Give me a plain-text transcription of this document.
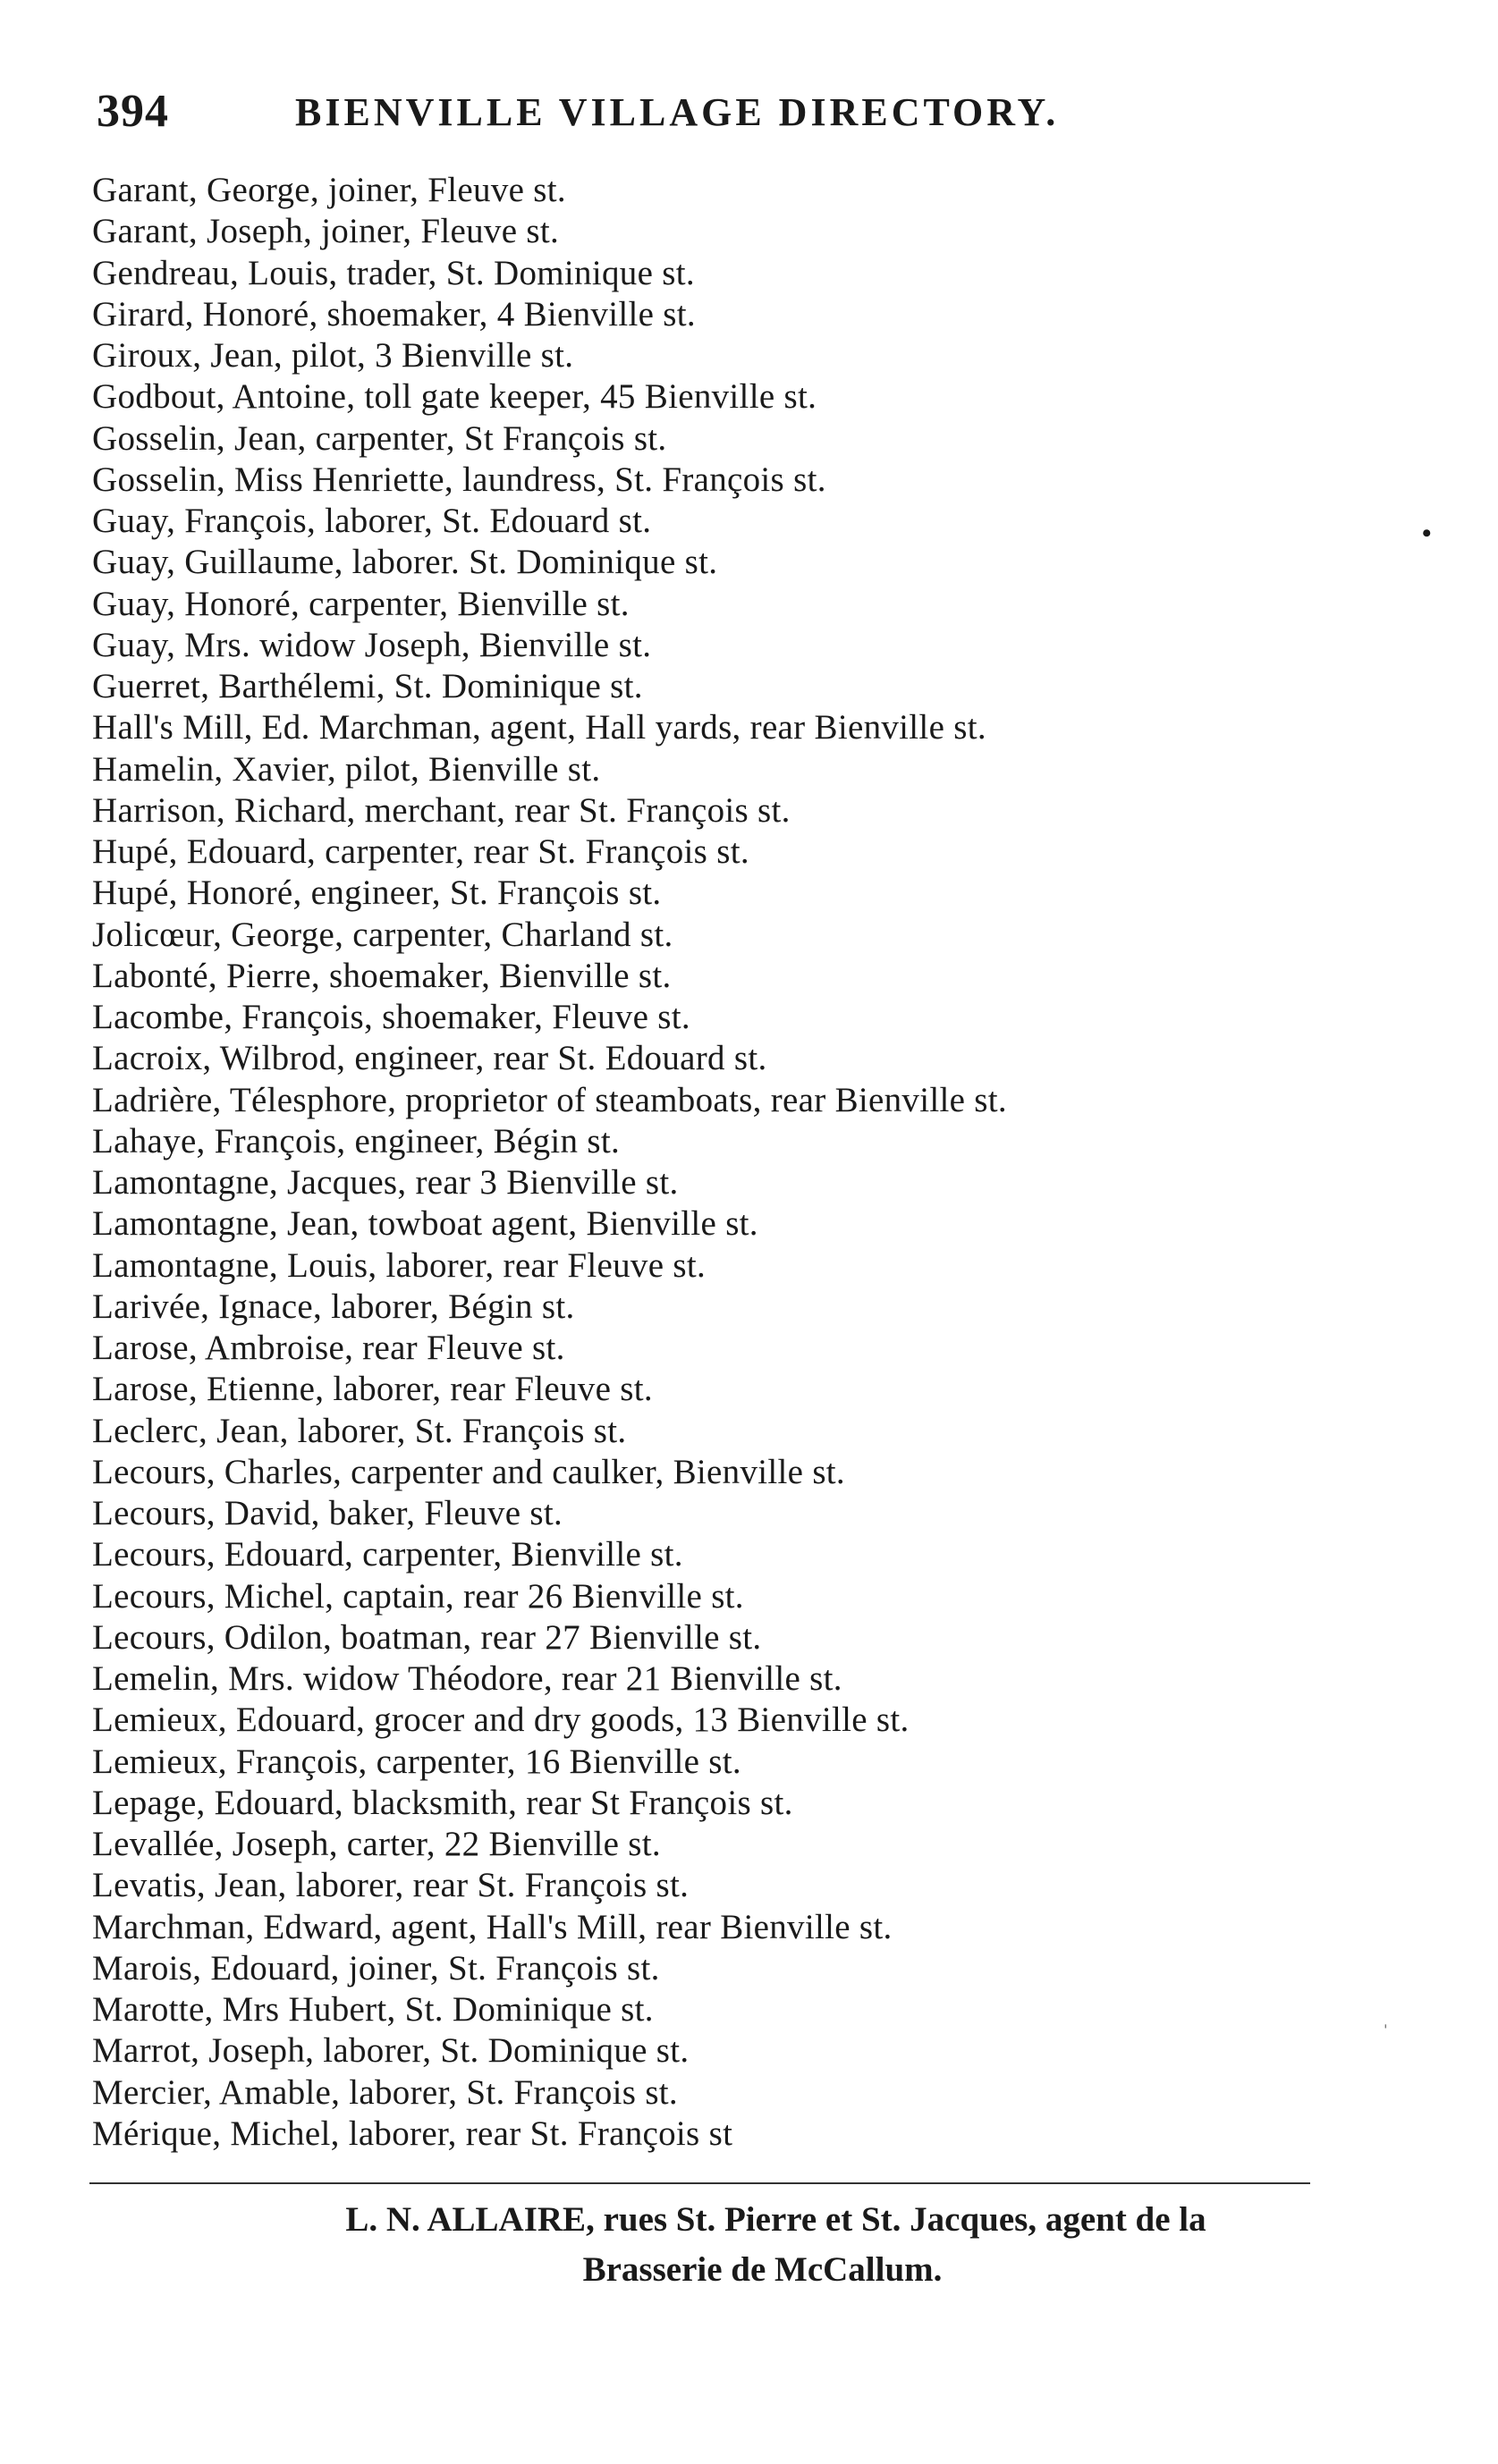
394	BIENVILLE VILLAGE DIRECTORY.
Garant, George, joiner, Fleuve st.
Garant, Joseph, joiner, Fleuve st.
Gendreau, Louis, trader, St. Dominique st.
Girard, Honoré, shoemaker, 4 Bienville st.
Giroux, Jean, pilot, 3 Bienville st.
Godbout, Antoine, toll gate keeper, 45 Bienville st.
Gosselin, Jean, carpenter, St François st.
Gosselin, Miss Henriette, laundress, St. François st.
Guay, François, laborer, St. Edouard st.
Guay, Guillaume, laborer. St. Dominique st.
Guay, Honoré, carpenter, Bienville st.
Guay, Mrs. widow Joseph, Bienville st.
Guerret, Barthélemi, St. Dominique st.
Hall's Mill, Ed. Marchman, agent, Hall yards, rear Bienville st.
Hamelin, Xavier, pilot, Bienville st.
Harrison, Richard, merchant, rear St. François st.
Hupé, Edouard, carpenter, rear St. François st.
Hupé, Honoré, engineer, St. François st.
Jolicœur, George, carpenter, Charland st.
Labonté, Pierre, shoemaker, Bienville st.
Lacombe, François, shoemaker, Fleuve st.
Lacroix, Wilbrod, engineer, rear St. Edouard st.
Ladrière, Télesphore, proprietor of steamboats, rear Bienville st.
Lahaye, François, engineer, Bégin st.
Lamontagne, Jacques, rear 3 Bienville st.
Lamontagne, Jean, towboat agent, Bienville st.
Lamontagne, Louis, laborer, rear Fleuve st.
Larivée, Ignace, laborer, Bégin st.
Larose, Ambroise, rear Fleuve st.
Larose, Etienne, laborer, rear Fleuve st.
Leclerc, Jean, laborer, St. François st.
Lecours, Charles, carpenter and caulker, Bienville st.
Lecours, David, baker, Fleuve st.
Lecours, Edouard, carpenter, Bienville st.
Lecours, Michel, captain, rear 26 Bienville st.
Lecours, Odilon, boatman, rear 27 Bienville st.
Lemelin, Mrs. widow Théodore, rear 21 Bienville st.
Lemieux, Edouard, grocer and dry goods, 13 Bienville st.
Lemieux, François, carpenter, 16 Bienville st.
Lepage, Edouard, blacksmith, rear St François st.
Levallée, Joseph, carter, 22 Bienville st.
Levatis, Jean, laborer, rear St. François st.
Marchman, Edward, agent, Hall's Mill, rear Bienville st.
Marois, Edouard, joiner, St. François st.
Marotte, Mrs Hubert, St. Dominique st.
Marrot, Joseph, laborer, St. Dominique st.
Mercier, Amable, laborer, St. François st.
Mérique, Michel, laborer, rear St. François st
•
ˈ
L. N. ALLAIRE, rues St. Pierre et St. Jacques, agent de la
Brasserie de McCallum.
